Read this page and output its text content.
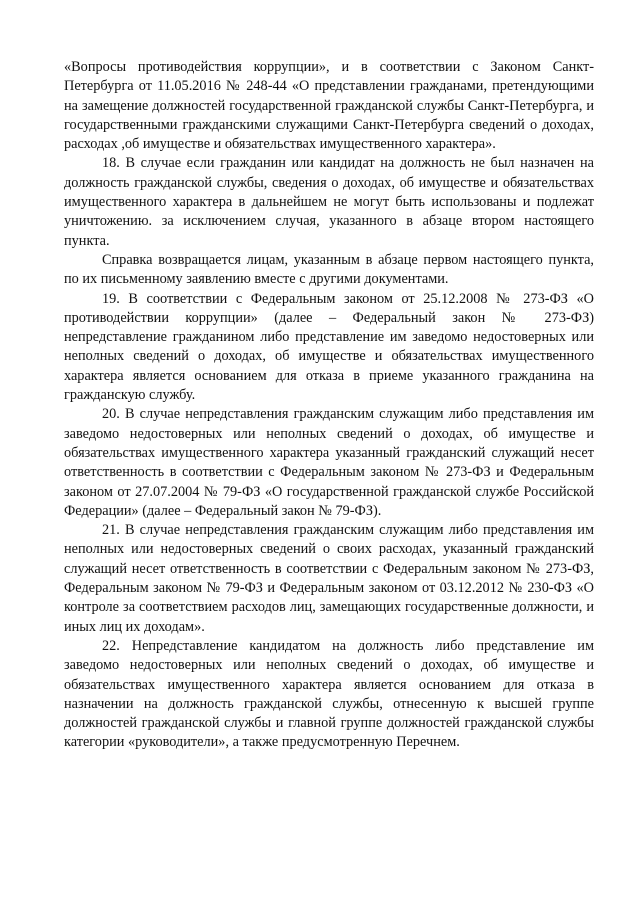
«Вопросы противодействия коррупции», и в соответствии с Законом Санкт-Петербурга от 11.05.2016 № 248-44 «О представлении гражданами, претендующими на замещение должностей государственной гражданской службы Санкт-Петербурга, и государственными гражданскими служащими Санкт-Петербурга сведений о доходах, расходах ,об имуществе и обязательствах имущественного характера».

18. В случае если гражданин или кандидат на должность не был назначен на должность гражданской службы, сведения о доходах, об имуществе и обязательствах имущественного характера в дальнейшем не могут быть использованы и подлежат уничтожению. за исключением случая, указанного в абзаце втором настоящего пункта.

Справка возвращается лицам, указанным в абзаце первом настоящего пункта, по их письменному заявлению вместе с другими документами.

19. В соответствии с Федеральным законом от 25.12.2008 № 273-ФЗ «О противодействии коррупции» (далее – Федеральный закон № 273-ФЗ) непредставление гражданином либо представление им заведомо недостоверных или неполных сведений о доходах, об имуществе и обязательствах имущественного характера является основанием для отказа в приеме указанного гражданина на гражданскую службу.

20. В случае непредставления гражданским служащим либо представления им заведомо недостоверных или неполных сведений о доходах, об имуществе и обязательствах имущественного характера указанный гражданский служащий несет ответственность в соответствии с Федеральным законом № 273-ФЗ и Федеральным законом от 27.07.2004 № 79-ФЗ «О государственной гражданской службе Российской Федерации» (далее – Федеральный закон № 79-ФЗ).

21. В случае непредставления гражданским служащим либо представления им неполных или недостоверных сведений о своих расходах, указанный гражданский служащий несет ответственность в соответствии с Федеральным законом № 273-ФЗ, Федеральным законом № 79-ФЗ и Федеральным законом от 03.12.2012 № 230-ФЗ «О контроле за соответствием расходов лиц, замещающих государственные должности, и иных лиц их доходам».

22. Непредставление кандидатом на должность либо представление им заведомо недостоверных или неполных сведений о доходах, об имуществе и обязательствах имущественного характера является основанием для отказа в назначении на должность гражданской службы, отнесенную к высшей группе должностей гражданской службы и главной группе должностей гражданской службы категории «руководители», а также предусмотренную Перечнем.
